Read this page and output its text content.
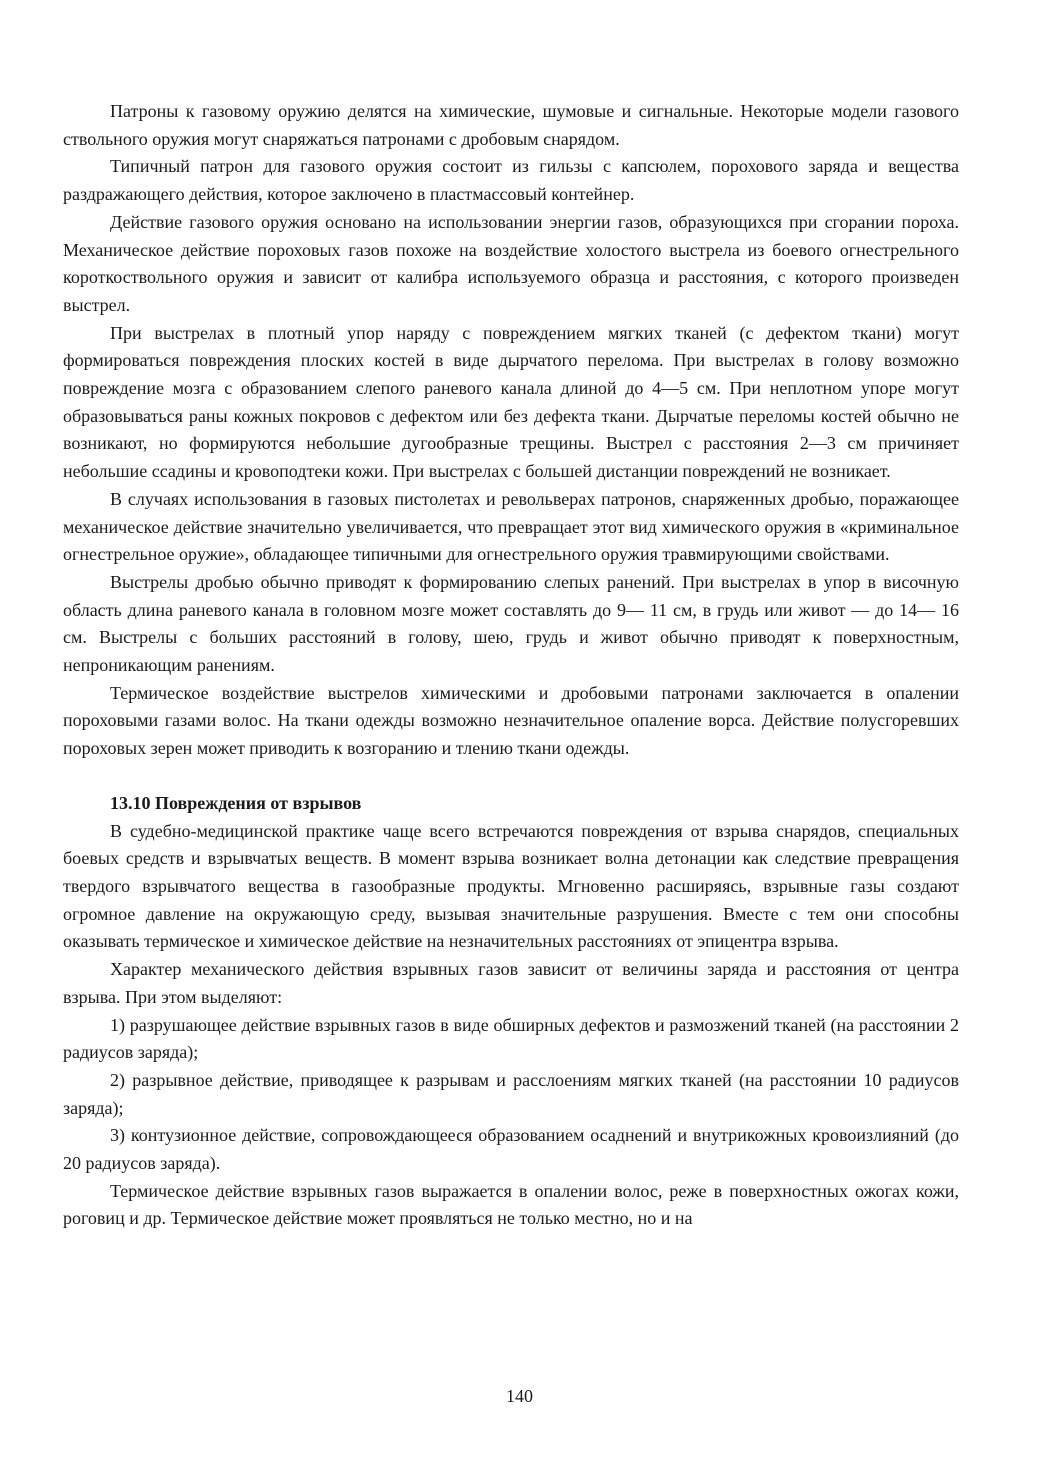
Патроны к газовому оружию делятся на химические, шумовые и сигнальные. Некоторые модели газового ствольного оружия могут снаряжаться патронами с дробовым снарядом.

Типичный патрон для газового оружия состоит из гильзы с капсюлем, порохового заряда и вещества раздражающего действия, которое заключено в пластмассовый контейнер.

Действие газового оружия основано на использовании энергии газов, образующихся при сгорании пороха. Механическое действие пороховых газов похоже на воздействие холостого выстрела из боевого огнестрельного короткоствольного оружия и зависит от калибра используемого образца и расстояния, с которого произведен выстрел.

При выстрелах в плотный упор наряду с повреждением мягких тканей (с дефектом ткани) могут формироваться повреждения плоских костей в виде дырчатого перелома. При выстрелах в голову возможно повреждение мозга с образованием слепого раневого канала длиной до 4—5 см. При неплотном упоре могут образовываться раны кожных покровов с дефектом или без дефекта ткани. Дырчатые переломы костей обычно не возникают, но формируются небольшие дугообразные трещины. Выстрел с расстояния 2—3 см причиняет небольшие ссадины и кровоподтеки кожи. При выстрелах с большей дистанции повреждений не возникает.

В случаях использования в газовых пистолетах и револьверах патронов, снаряженных дробью, поражающее механическое действие значительно увеличивается, что превращает этот вид химического оружия в «криминальное огнестрельное оружие», обладающее типичными для огнестрельного оружия травмирующими свойствами.

Выстрелы дробью обычно приводят к формированию слепых ранений. При выстрелах в упор в височную область длина раневого канала в головном мозге может составлять до 9— 11 см, в грудь или живот — до 14— 16 см. Выстрелы с больших расстояний в голову, шею, грудь и живот обычно приводят к поверхностным, непроникающим ранениям.

Термическое воздействие выстрелов химическими и дробовыми патронами заключается в опалении пороховыми газами волос. На ткани одежды возможно незначительное опаление ворса. Действие полусгоревших пороховых зерен может приводить к возгоранию и тлению ткани одежды.

13.10 Повреждения от взрывов

В судебно-медицинской практике чаще всего встречаются повреждения от взрыва снарядов, специальных боевых средств и взрывчатых веществ. В момент взрыва возникает волна детонации как следствие превращения твердого взрывчатого вещества в газообразные продукты. Мгновенно расширяясь, взрывные газы создают огромное давление на окружающую среду, вызывая значительные разрушения. Вместе с тем они способны оказывать термическое и химическое действие на незначительных расстояниях от эпицентра взрыва.

Характер механического действия взрывных газов зависит от величины заряда и расстояния от центра взрыва. При этом выделяют:

1) разрушающее действие взрывных газов в виде обширных дефектов и размозжений тканей (на расстоянии 2 радиусов заряда);

2) разрывное действие, приводящее к разрывам и расслоениям мягких тканей (на расстоянии 10 радиусов заряда);

3) контузионное действие, сопровождающееся образованием осаднений и внутрикожных кровоизлияний (до 20 радиусов заряда).

Термическое действие взрывных газов выражается в опалении волос, реже в поверхностных ожогах кожи, роговиц и др. Термическое действие может проявляться не только местно, но и на

140
